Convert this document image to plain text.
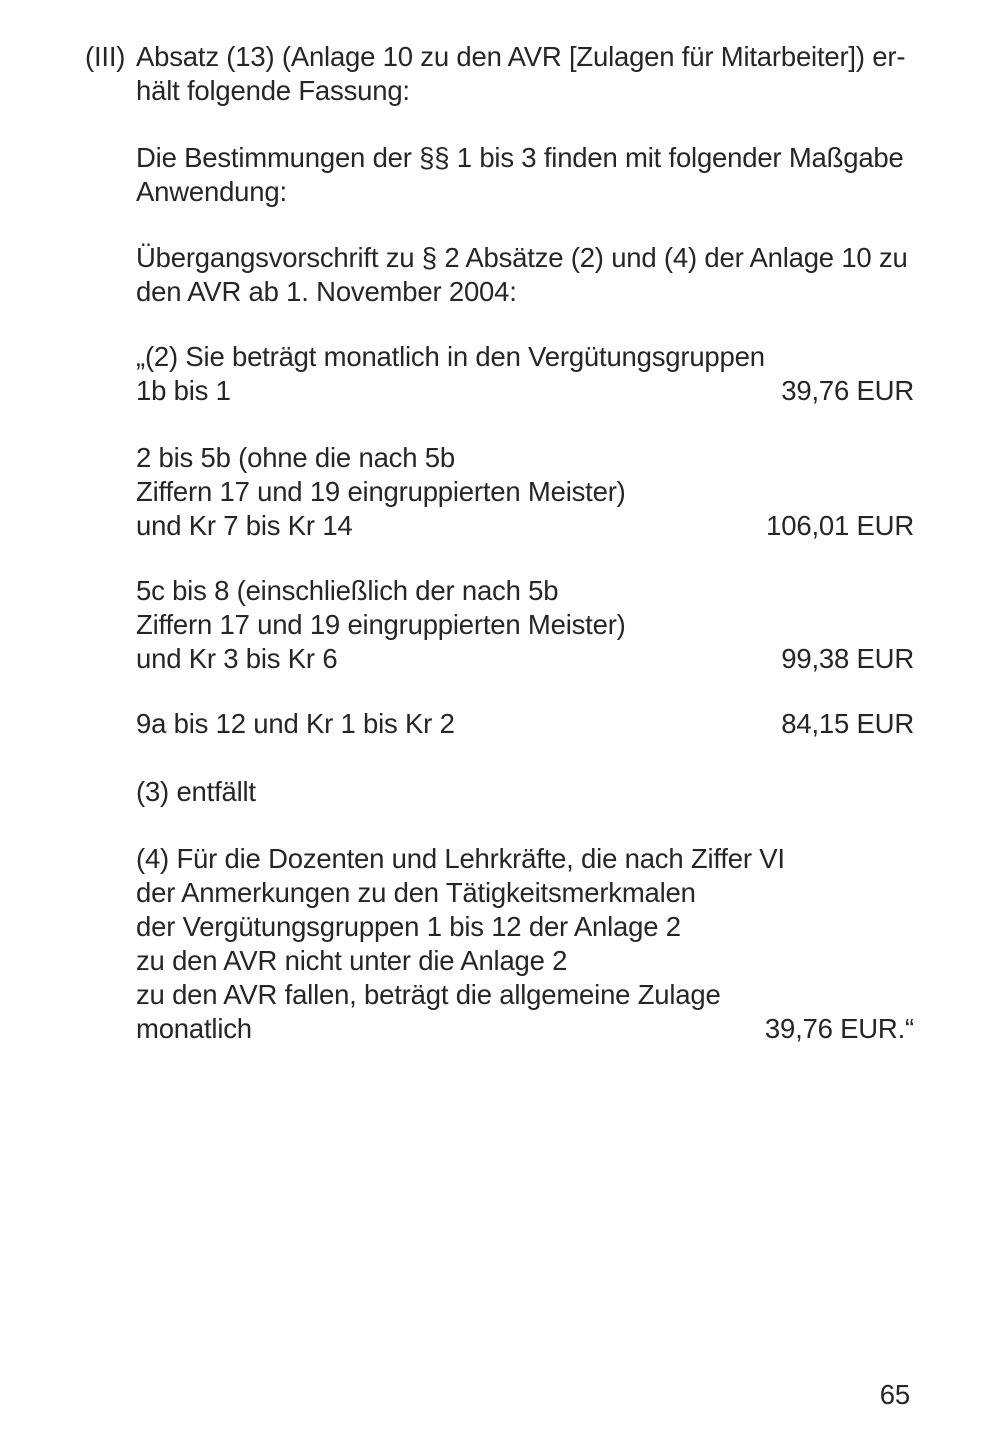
(III) Absatz (13) (Anlage 10 zu den AVR [Zulagen für Mitarbeiter]) er-
hält folgende Fassung:
Die Bestimmungen der §§ 1 bis 3 finden mit folgender Maßgabe
Anwendung:
Übergangsvorschrift zu § 2 Absätze (2) und (4) der Anlage 10 zu
den AVR ab 1. November 2004:
„(2) Sie beträgt monatlich in den Vergütungsgruppen
1b bis 1	39,76 EUR
2 bis 5b (ohne die nach 5b
Ziffern 17 und 19 eingruppierten Meister)
und Kr 7 bis Kr 14	106,01 EUR
5c bis 8 (einschließlich der nach 5b
Ziffern 17 und 19 eingruppierten Meister)
und Kr 3 bis Kr 6	99,38 EUR
9a bis 12 und Kr 1 bis Kr 2	84,15 EUR
(3) entfällt
(4) Für die Dozenten und Lehrkräfte, die nach Ziffer VI
der Anmerkungen zu den Tätigkeitsmerkmalen
der Vergütungsgruppen 1 bis 12 der Anlage 2
zu den AVR nicht unter die Anlage 2
zu den AVR fallen, beträgt die allgemeine Zulage
monatlich	39,76 EUR.“
65
